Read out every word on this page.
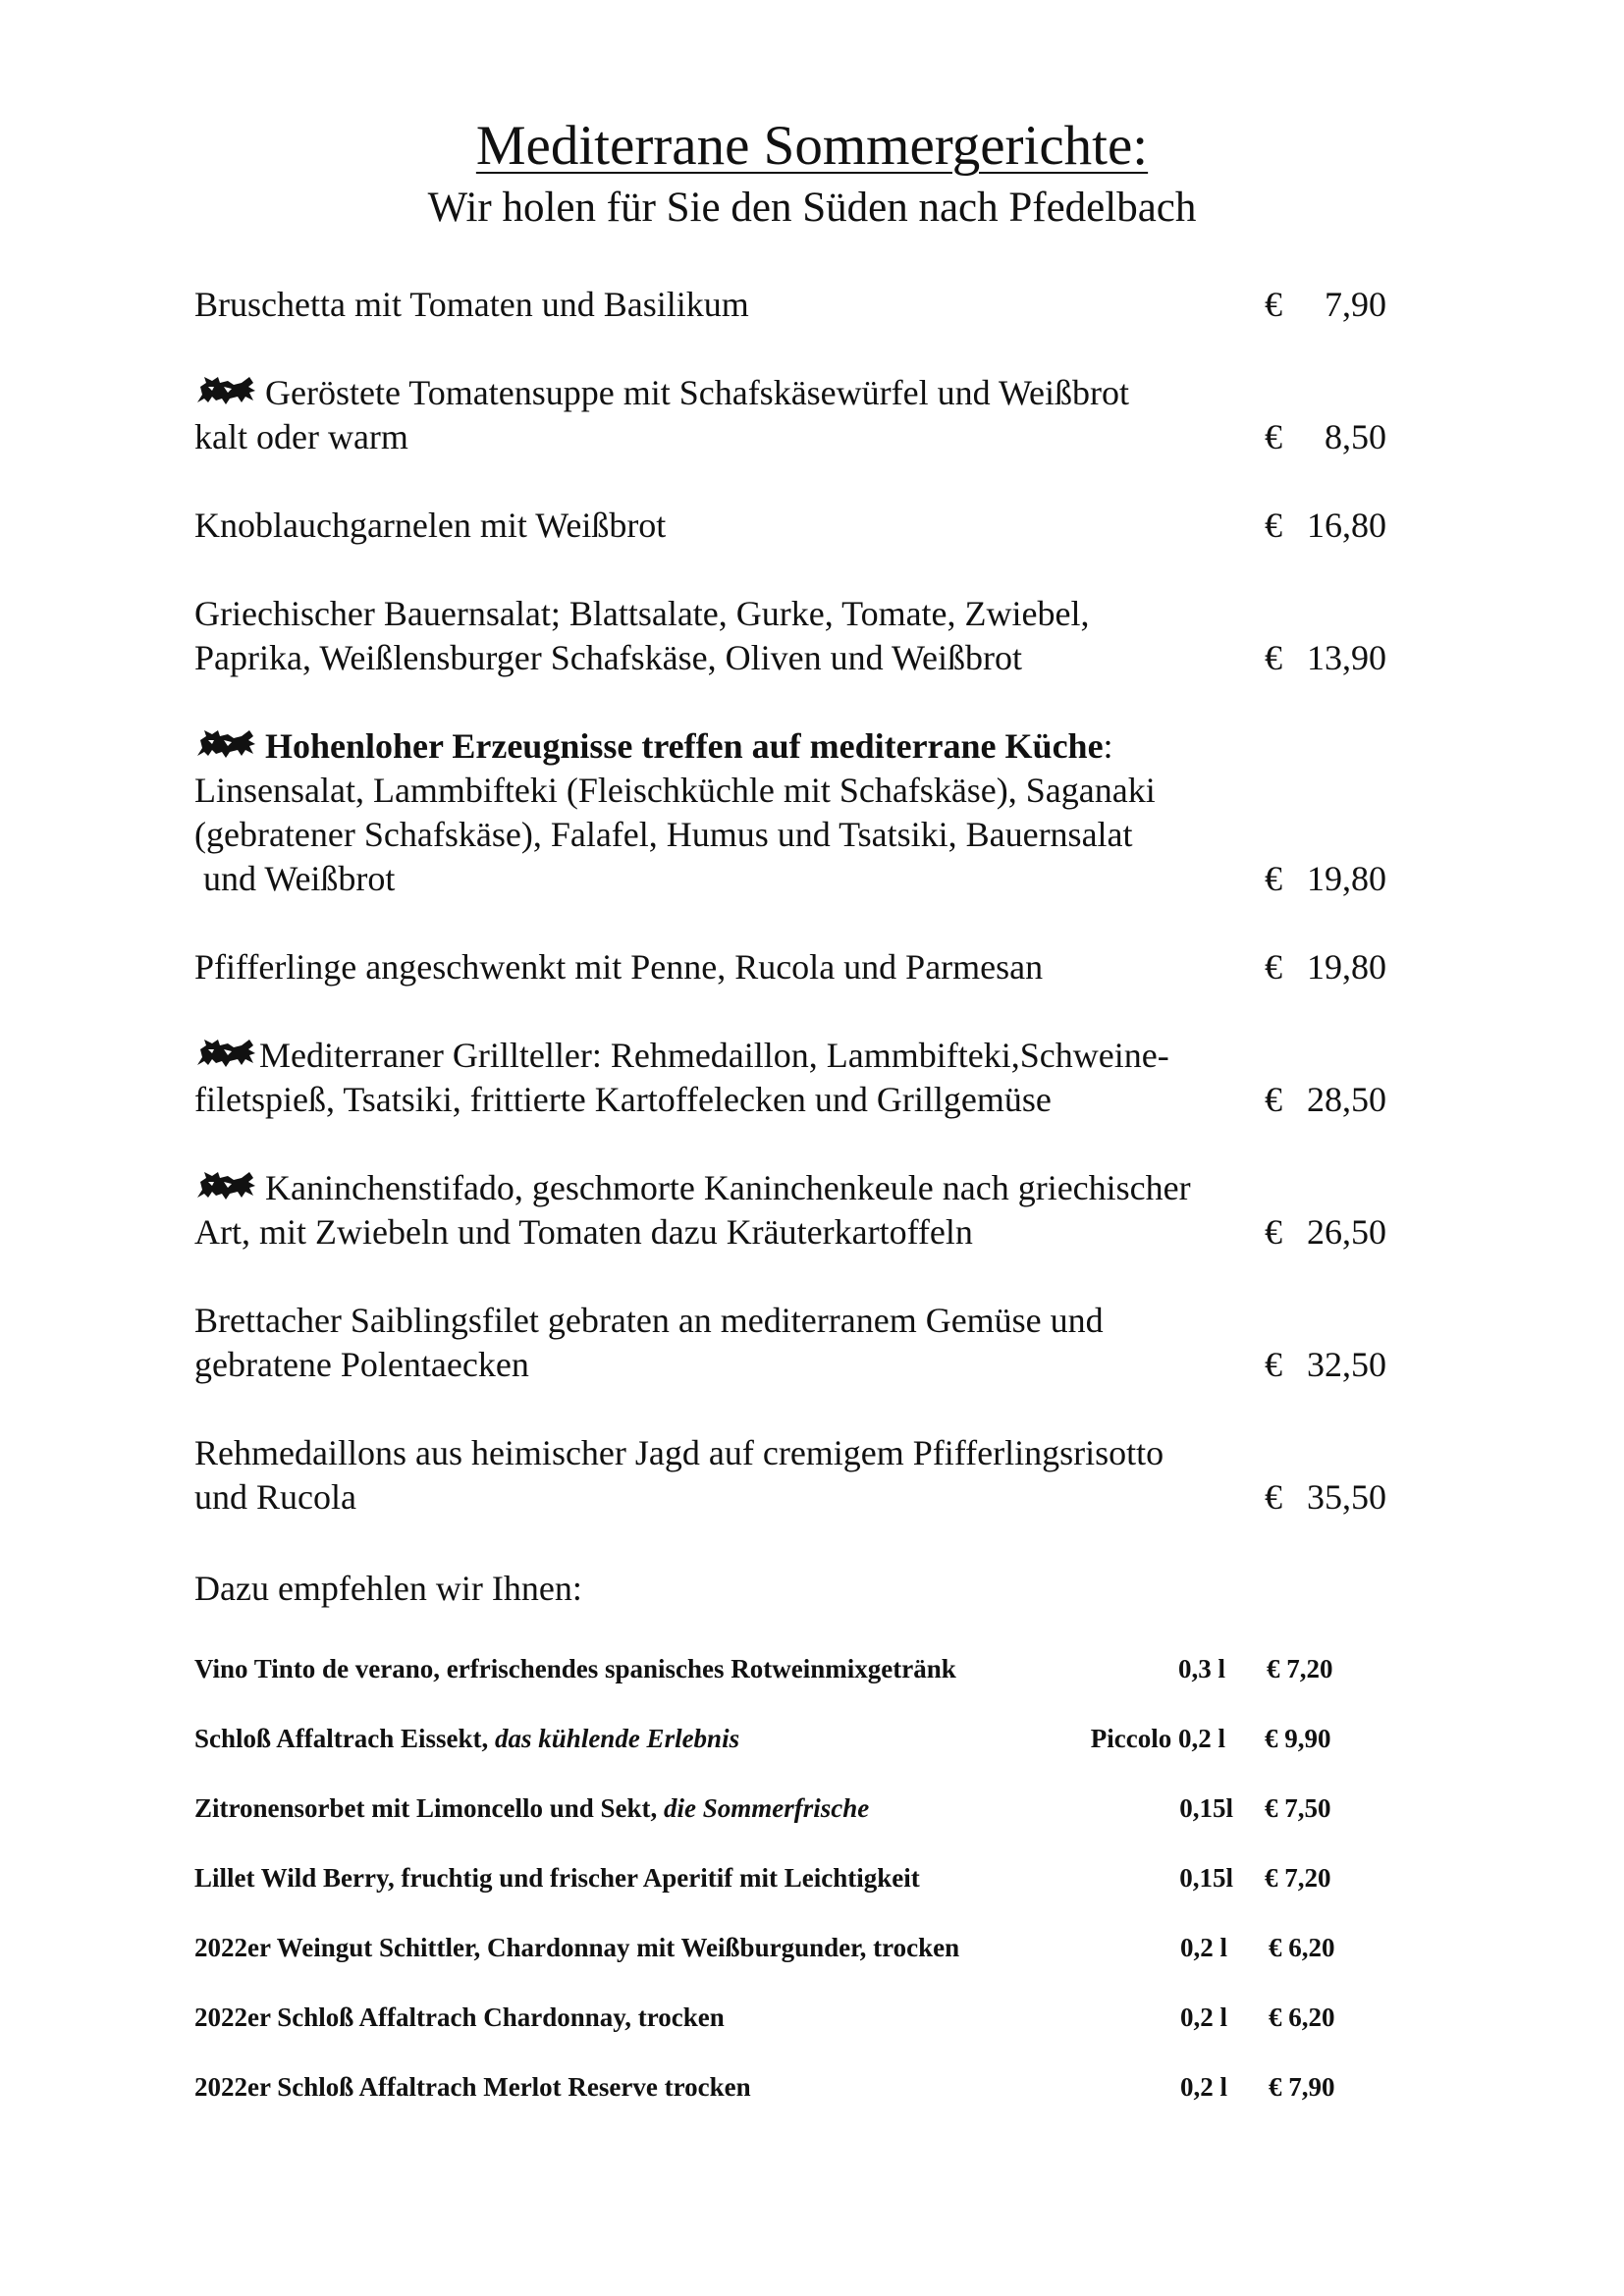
Mediterrane Sommergerichte:
Wir holen für Sie den Süden nach Pfedelbach
Bruschetta mit Tomaten und Basilikum	€ 7,90
Geröstete Tomatensuppe mit Schafskäsewürfel und Weißbrot
kalt oder warm	€ 8,50
Knoblauchgarnelen mit Weißbrot	€ 16,80
Griechischer Bauernsalat; Blattsalate, Gurke, Tomate, Zwiebel,
Paprika, Weißlensburger Schafskäse, Oliven und Weißbrot	€ 13,90
Hohenloher Erzeugnisse treffen auf mediterrane Küche:
Linsensalat, Lammbifteki (Fleischküchle mit Schafskäse), Saganaki
(gebratener Schafskäse), Falafel, Humus und Tsatsiki, Bauernsalat
und Weißbrot	€ 19,80
Pfifferlinge angeschwenkt mit Penne, Rucola und Parmesan	€ 19,80
Mediterraner Grillteller: Rehmedaillon, Lammbifteki,Schweine-
filetspieß, Tsatsiki, frittierte Kartoffelecken und Grillgemüse	€ 28,50
Kaninchenstifado, geschmorte Kaninchenkeule nach griechischer
Art, mit Zwiebeln und Tomaten dazu Kräuterkartoffeln	€ 26,50
Brettacher Saiblingsfilet gebraten an mediterranem Gemüse und
gebratene Polentaecken	€ 32,50
Rehmedaillons aus heimischer Jagd auf cremigem Pfifferlingsrisotto
und Rucola	€ 35,50
Dazu empfehlen wir Ihnen:
Vino Tinto de verano, erfrischendes spanisches Rotweinmixgetränk	0,3 l € 7,20
Schloß Affaltrach Eissekt, das kühlende Erlebnis	Piccolo 0,2 l € 9,90
Zitronensorbet mit Limoncello und Sekt, die Sommerfrische	0,15l € 7,50
Lillet Wild Berry, fruchtig und frischer Aperitif mit Leichtigkeit	0,15l € 7,20
2022er Weingut Schittler, Chardonnay mit Weißburgunder, trocken	0,2 l € 6,20
2022er Schloß Affaltrach Chardonnay, trocken	0,2 l € 6,20
2022er Schloß Affaltrach Merlot Reserve trocken	0,2 l € 7,90
